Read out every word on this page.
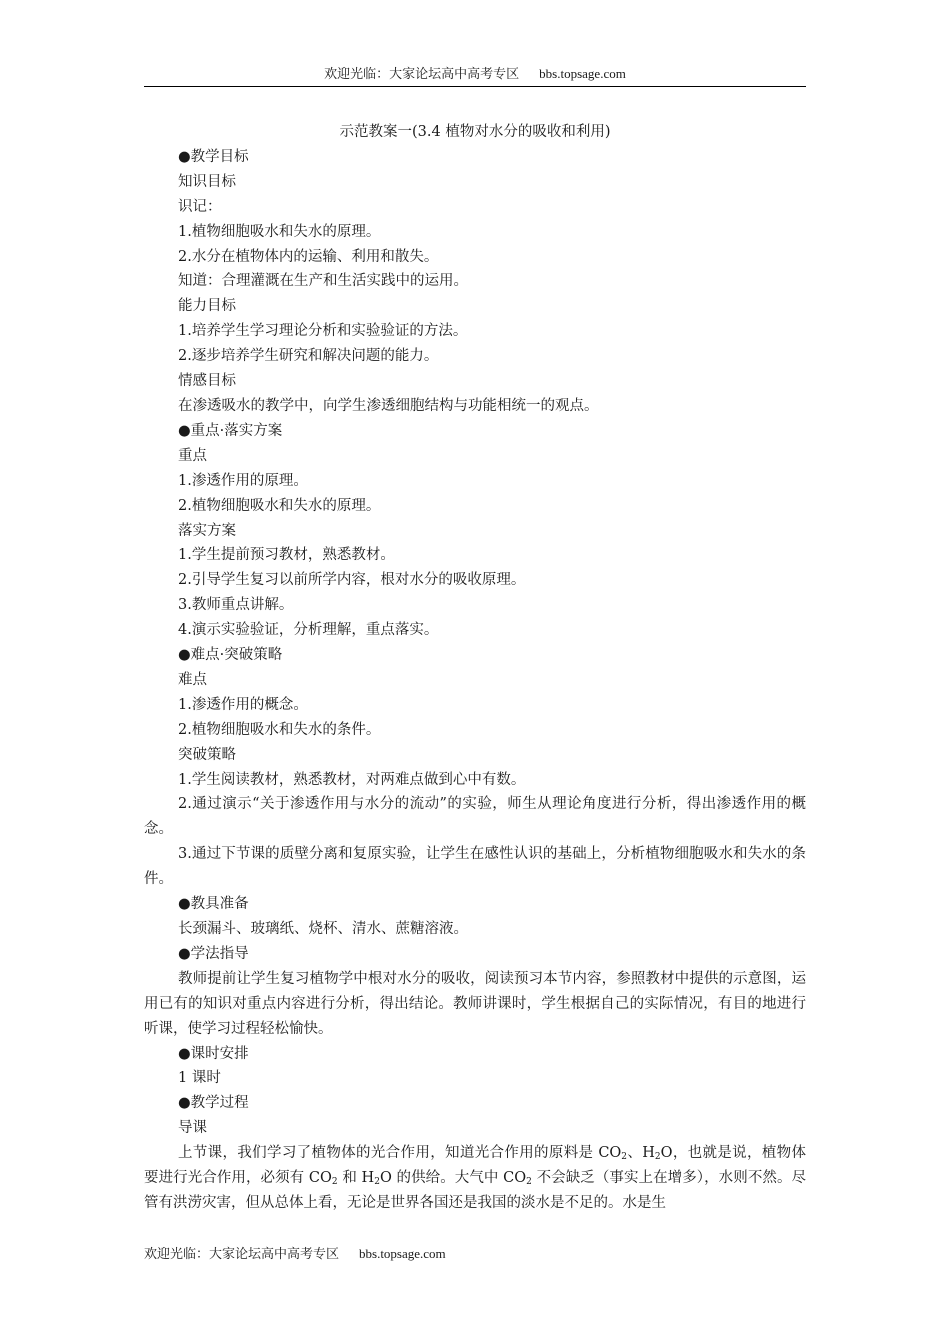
欢迎光临：大家论坛高中高考专区 bbs.topsage.com

示范教案一(3.4 植物对水分的吸收和利用)

●教学目标

知识目标

识记：

1.植物细胞吸水和失水的原理。

2.水分在植物体内的运输、利用和散失。

知道：合理灌溉在生产和生活实践中的运用。

能力目标

1.培养学生学习理论分析和实验验证的方法。

2.逐步培养学生研究和解决问题的能力。

情感目标

在渗透吸水的教学中，向学生渗透细胞结构与功能相统一的观点。

●重点·落实方案

重点

1.渗透作用的原理。

2.植物细胞吸水和失水的原理。

落实方案

1.学生提前预习教材，熟悉教材。

2.引导学生复习以前所学内容，根对水分的吸收原理。

3.教师重点讲解。

4.演示实验验证，分析理解，重点落实。

●难点·突破策略

难点

1.渗透作用的概念。

2.植物细胞吸水和失水的条件。

突破策略

1.学生阅读教材，熟悉教材，对两难点做到心中有数。

2.通过演示“关于渗透作用与水分的流动”的实验，师生从理论角度进行分析，得出渗透作用的概念。

3.通过下节课的质壁分离和复原实验，让学生在感性认识的基础上，分析植物细胞吸水和失水的条件。

●教具准备

长颈漏斗、玻璃纸、烧杯、清水、蔗糖溶液。

●学法指导

教师提前让学生复习植物学中根对水分的吸收，阅读预习本节内容，参照教材中提供的示意图，运用已有的知识对重点内容进行分析，得出结论。教师讲课时，学生根据自己的实际情况，有目的地进行听课，使学习过程轻松愉快。

●课时安排

1 课时

●教学过程

导课

上节课，我们学习了植物体的光合作用，知道光合作用的原料是 $CO_2$、$H_2O$，也就是说，植物体要进行光合作用，必须有 $CO_2$ 和 $H_2O$ 的供给。大气中 $CO_2$ 不会缺乏（事实上在增多），水则不然。尽管有洪涝灾害，但从总体上看，无论是世界各国还是我国的淡水是不足的。水是生

欢迎光临：大家论坛高中高考专区 bbs.topsage.com
